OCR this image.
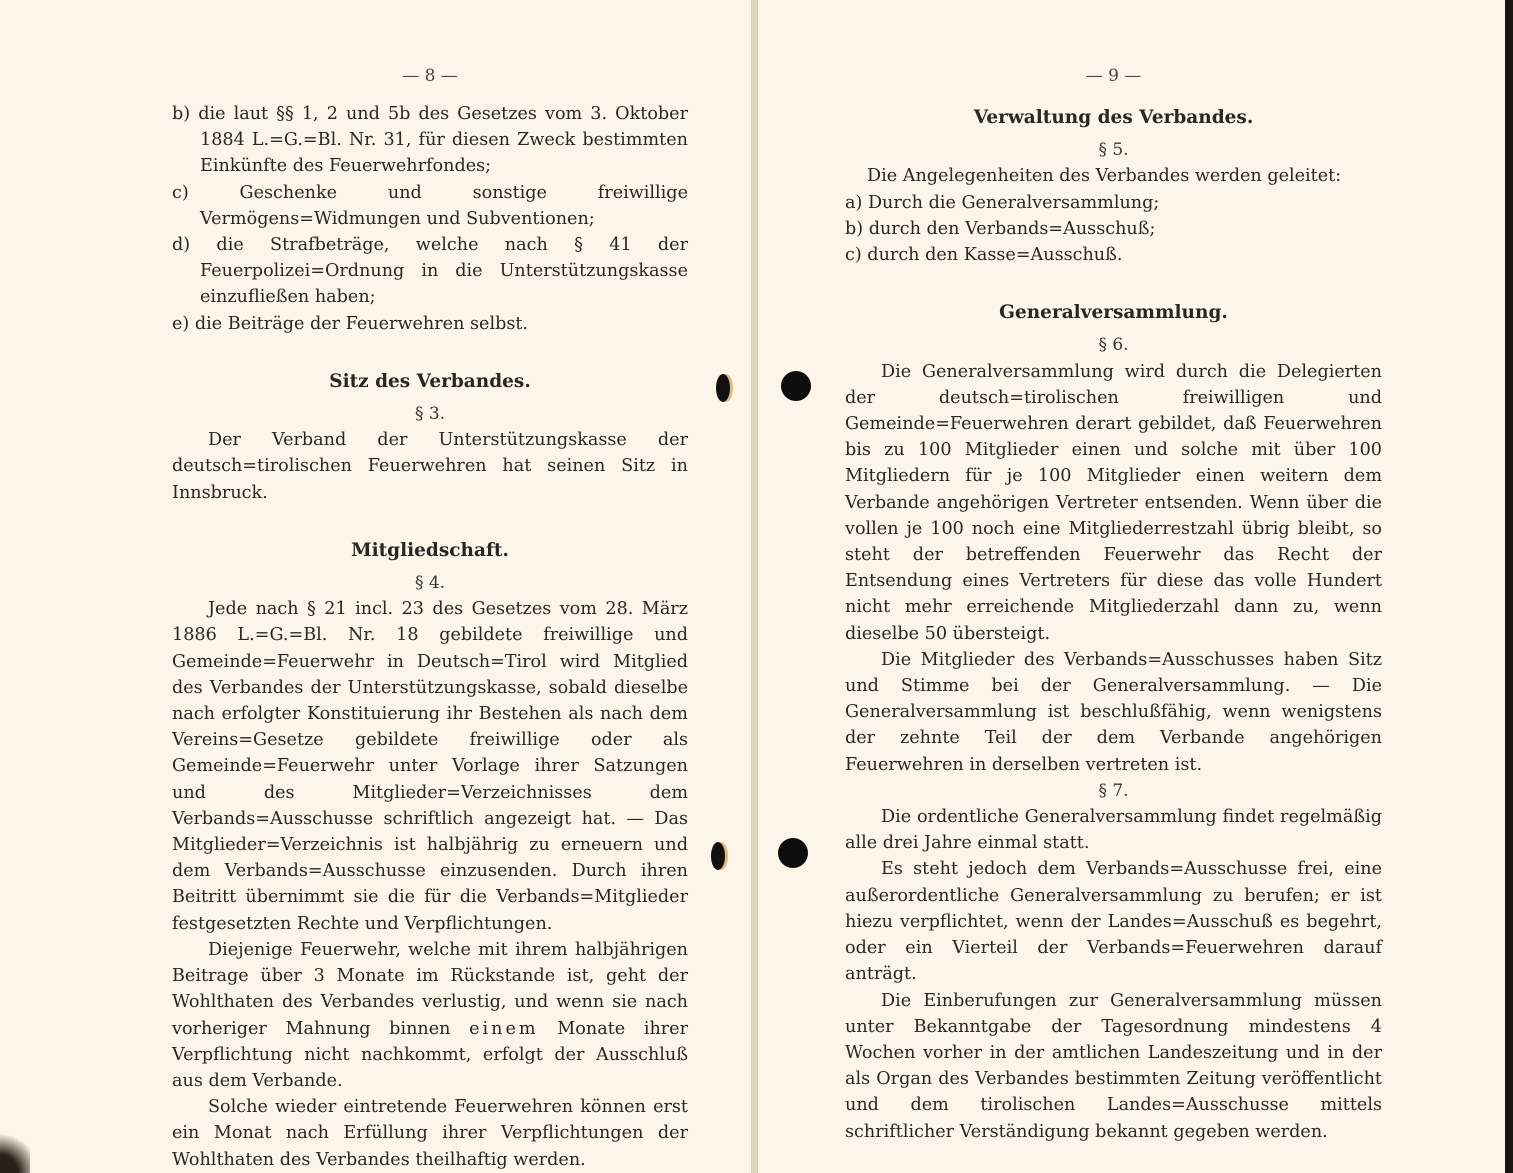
— 8 —

b) die laut §§ 1, 2 und 5b des Gesetzes vom 3. Oktober 1884 L.=G.=Bl. Nr. 31, für diesen Zweck bestimmten Einkünfte des Feuerwehrfondes;

c) Geschenke und sonstige freiwillige Vermögens=Widmungen und Subventionen;

d) die Strafbeträge, welche nach § 41 der Feuerpolizei=Ordnung in die Unterstützungskasse einzufließen haben;

e) die Beiträge der Feuerwehren selbst.

Sitz des Verbandes.
§ 3.

Der Verband der Unterstützungskasse der deutsch=tirolischen Feuerwehren hat seinen Sitz in Innsbruck.

Mitgliedschaft.
§ 4.

Jede nach § 21 incl. 23 des Gesetzes vom 28. März 1886 L.=G.=Bl. Nr. 18 gebildete freiwillige und Gemeinde=Feuerwehr in Deutsch=Tirol wird Mitglied des Verbandes der Unterstützungskasse, sobald dieselbe nach erfolgter Konstituierung ihr Bestehen als nach dem Vereins=Gesetze gebildete freiwillige oder als Gemeinde=Feuerwehr unter Vorlage ihrer Satzungen und des Mitglieder=Verzeichnisses dem Verbands=Ausschusse schriftlich angezeigt hat. — Das Mitglieder=Verzeichnis ist halbjährig zu erneuern und dem Verbands=Ausschusse einzusenden. Durch ihren Beitritt übernimmt sie die für die Verbands=Mitglieder festgesetzten Rechte und Verpflichtungen.

Diejenige Feuerwehr, welche mit ihrem halbjährigen Beitrage über 3 Monate im Rückstande ist, geht der Wohlthaten des Verbandes verlustig, und wenn sie nach vorheriger Mahnung binnen einem Monate ihrer Verpflichtung nicht nachkommt, erfolgt der Ausschluß aus dem Verbande.

Solche wieder eintretende Feuerwehren können erst ein Monat nach Erfüllung ihrer Verpflichtungen der Wohlthaten des Verbandes theilhaftig werden.

— 9 —
Verwaltung des Verbandes.
§ 5.

Die Angelegenheiten des Verbandes werden geleitet:

a) Durch die Generalversammlung;

b) durch den Verbands=Ausschuß;

c) durch den Kasse=Ausschuß.

Generalversammlung.
§ 6.

Die Generalversammlung wird durch die Delegierten der deutsch=tirolischen freiwilligen und Gemeinde=Feuerwehren derart gebildet, daß Feuerwehren bis zu 100 Mitglieder einen und solche mit über 100 Mitgliedern für je 100 Mitglieder einen weitern dem Verbande angehörigen Vertreter entsenden. Wenn über die vollen je 100 noch eine Mitgliederrestzahl übrig bleibt, so steht der betreffenden Feuerwehr das Recht der Entsendung eines Vertreters für diese das volle Hundert nicht mehr erreichende Mitgliederzahl dann zu, wenn dieselbe 50 übersteigt.

Die Mitglieder des Verbands=Ausschusses haben Sitz und Stimme bei der Generalversammlung. — Die Generalversammlung ist beschlußfähig, wenn wenigstens der zehnte Teil der dem Verbande angehörigen Feuerwehren in derselben vertreten ist.

§ 7.

Die ordentliche Generalversammlung findet regelmäßig alle drei Jahre einmal statt.

Es steht jedoch dem Verbands=Ausschusse frei, eine außerordentliche Generalversammlung zu berufen; er ist hiezu verpflichtet, wenn der Landes=Ausschuß es begehrt, oder ein Vierteil der Verbands=Feuerwehren darauf anträgt.

Die Einberufungen zur Generalversammlung müssen unter Bekanntgabe der Tagesordnung mindestens 4 Wochen vorher in der amtlichen Landeszeitung und in der als Organ des Verbandes bestimmten Zeitung veröffentlicht und dem tirolischen Landes=Ausschusse mittels schriftlicher Verständigung bekannt gegeben werden.
